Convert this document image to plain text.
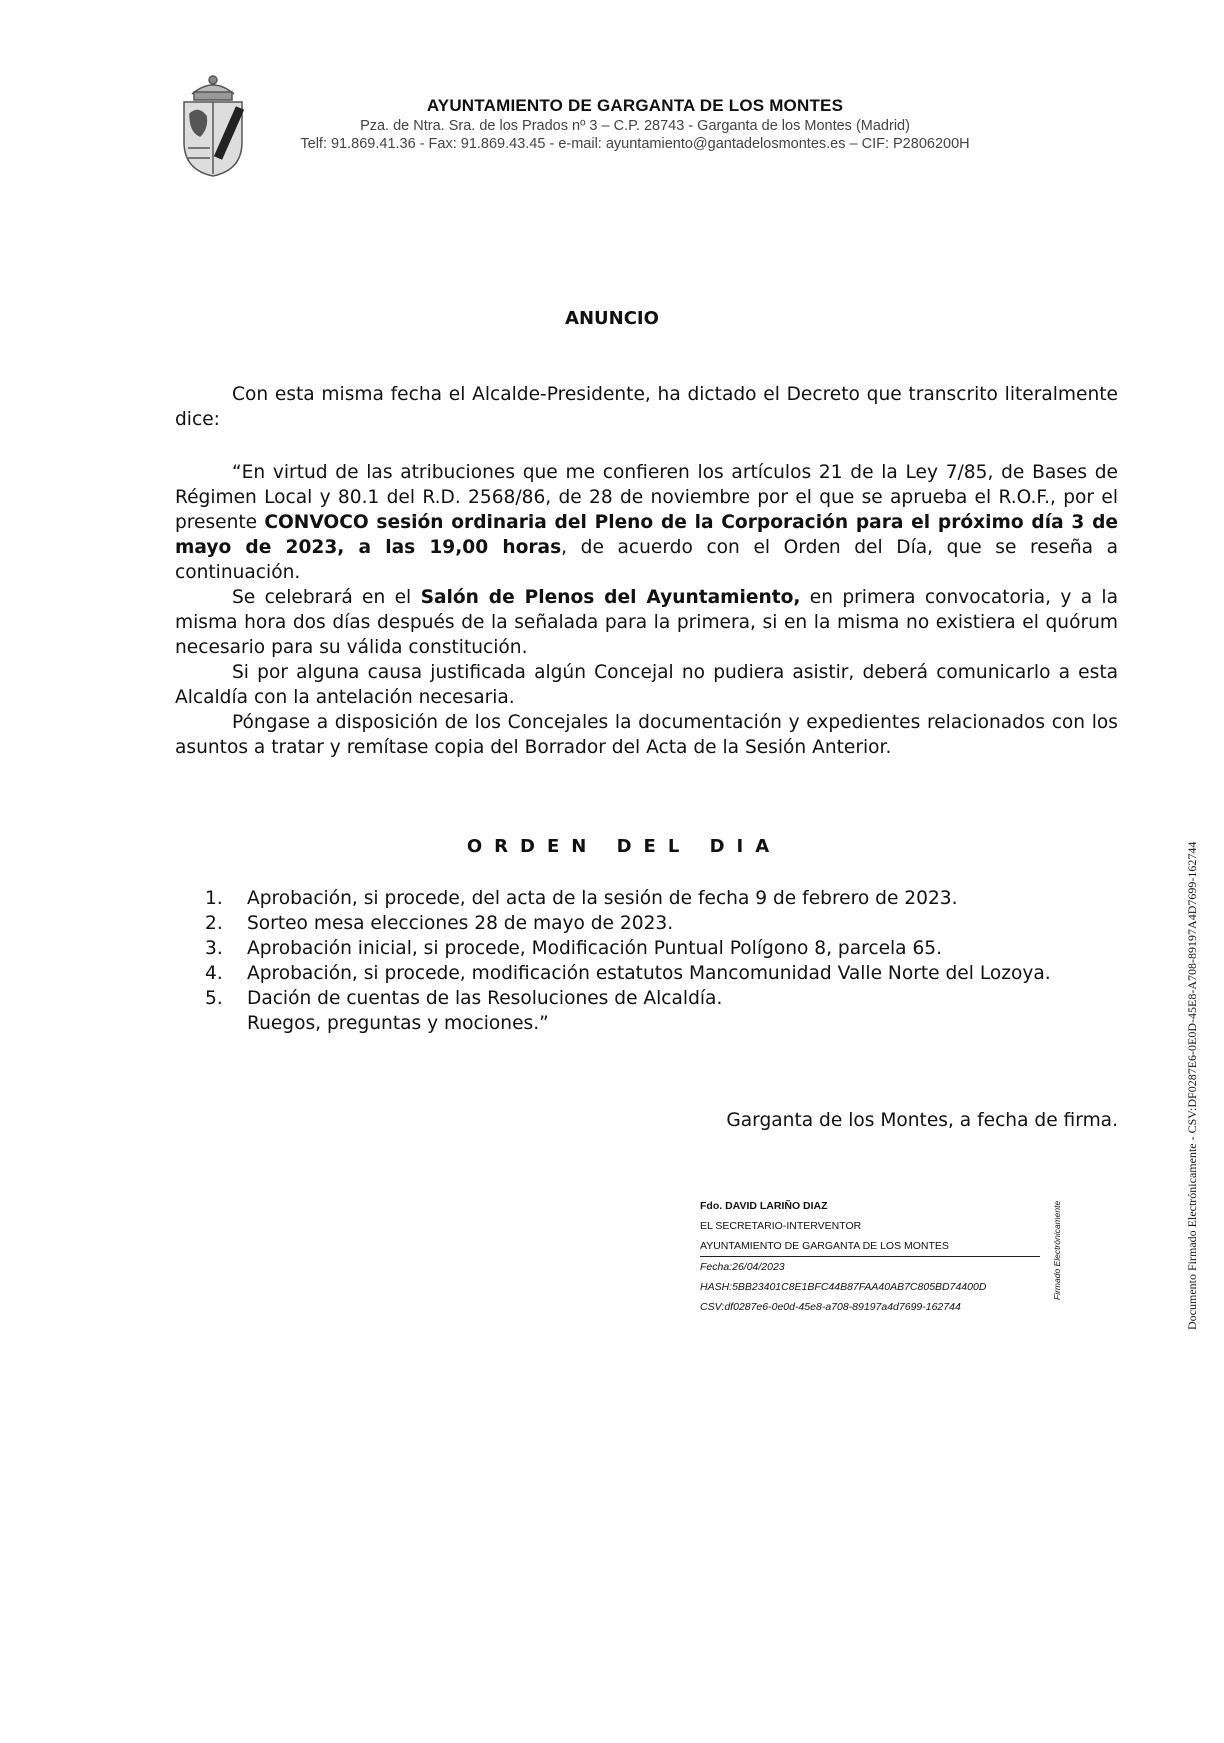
AYUNTAMIENTO DE GARGANTA DE LOS MONTES
Pza. de Ntra. Sra. de los Prados nº 3 – C.P. 28743 - Garganta de los Montes (Madrid)
Telf: 91.869.41.36 - Fax: 91.869.43.45 - e-mail: ayuntamiento@gantadelosmontes.es – CIF: P2806200H
ANUNCIO

Con esta misma fecha el Alcalde-Presidente, ha dictado el Decreto que transcrito literalmente dice:

“En virtud de las atribuciones que me confieren los artículos 21 de la Ley 7/85, de Bases de Régimen Local y 80.1 del R.D. 2568/86, de 28 de noviembre por el que se aprueba el R.O.F., por el presente CONVOCO sesión ordinaria del Pleno de la Corporación para el próximo día 3 de mayo de 2023, a las 19,00 horas, de acuerdo con el Orden del Día, que se reseña a continuación.

Se celebrará en el Salón de Plenos del Ayuntamiento, en primera convocatoria, y a la misma hora dos días después de la señalada para la primera, si en la misma no existiera el quórum necesario para su válida constitución.

Si por alguna causa justificada algún Concejal no pudiera asistir, deberá comunicarlo a esta Alcaldía con la antelación necesaria.

Póngase a disposición de los Concejales la documentación y expedientes relacionados con los asuntos a tratar y remítase copia del Borrador del Acta de la Sesión Anterior.

ORDEN DEL DIA
1.	Aprobación, si procede, del acta de la sesión de fecha 9 de febrero de 2023.
2.	Sorteo mesa elecciones 28 de mayo de 2023.
3.	Aprobación inicial, si procede, Modificación Puntual Polígono 8, parcela 65.
4.	Aprobación, si procede, modificación estatutos Mancomunidad Valle Norte del Lozoya.
5.	Dación de cuentas de las Resoluciones de Alcaldía.
Ruegos, preguntas y mociones.”
Garganta de los Montes, a fecha de firma.
Fdo. DAVID LARIÑO DIAZ
EL SECRETARIO-INTERVENTOR
AYUNTAMIENTO DE GARGANTA DE LOS MONTES
Fecha:26/04/2023
HASH:5BB23401C8E1BFC44B87FAA40AB7C805BD74400D
CSV:df0287e6-0e0d-45e8-a708-89197a4d7699-162744
Firmado Electrónicamente	Documento Firmado Electrónicamente - CSV:DF0287E6-0E0D-45E8-A708-89197A4D7699-162744
